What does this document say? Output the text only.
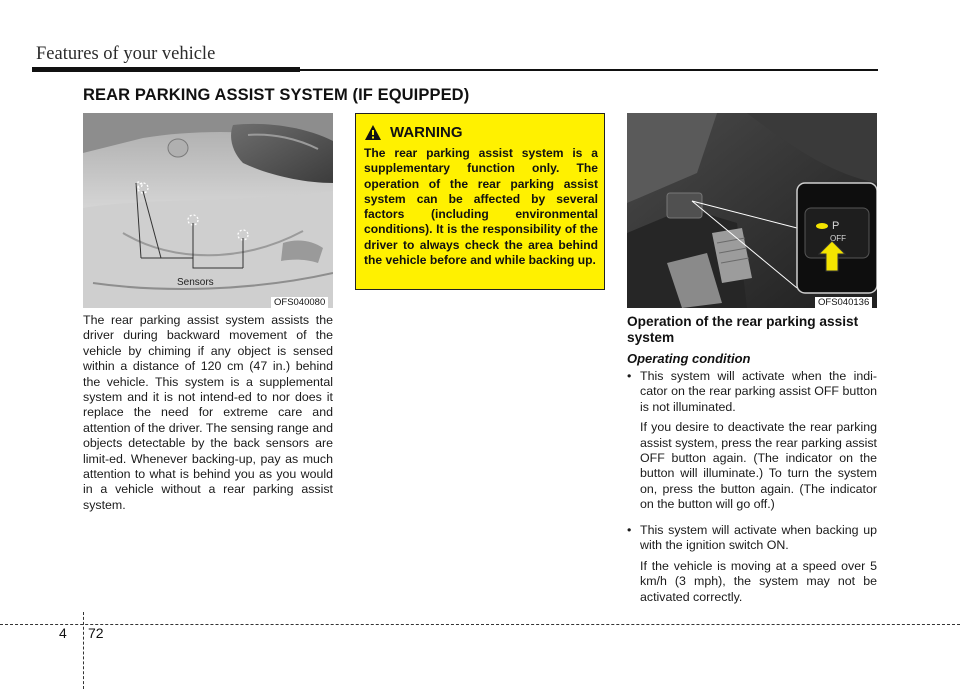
Features of your vehicle
REAR PARKING ASSIST SYSTEM (IF EQUIPPED)
Sensors
OFS040080
WARNING
The rear parking assist system is a supplementary function only. The operation of the rear parking assist system can be affected by several factors (including environmental conditions). It is the responsibility of the driver to always check the area behind the vehicle before and while backing up.
P
OFF
OFS040136
The rear parking assist system assists the driver during backward movement of the vehicle by chiming if any object is sensed within a distance of 120 cm (47 in.) behind the vehicle. This system is a supplemental system and it is not intend-ed to nor does it replace the need for extreme care and attention of the driver. The sensing range and objects detectable by the back sensors are limit-ed. Whenever backing-up, pay as much attention to what is behind you as you would in a vehicle without a rear parking assist system.
Operation of the rear parking assist system
Operating condition
• This system will activate when the indi-cator on the rear parking assist OFF button is not illuminated.
If you desire to deactivate the rear parking assist system, press the rear parking assist OFF button again. (The indicator on the button will illuminate.) To turn the system on, press the button again. (The indicator on the button will go off.)
• This system will activate when backing up with the ignition switch ON.
If the vehicle is moving at a speed over 5 km/h (3 mph), the system may not be activated correctly.
4 72
